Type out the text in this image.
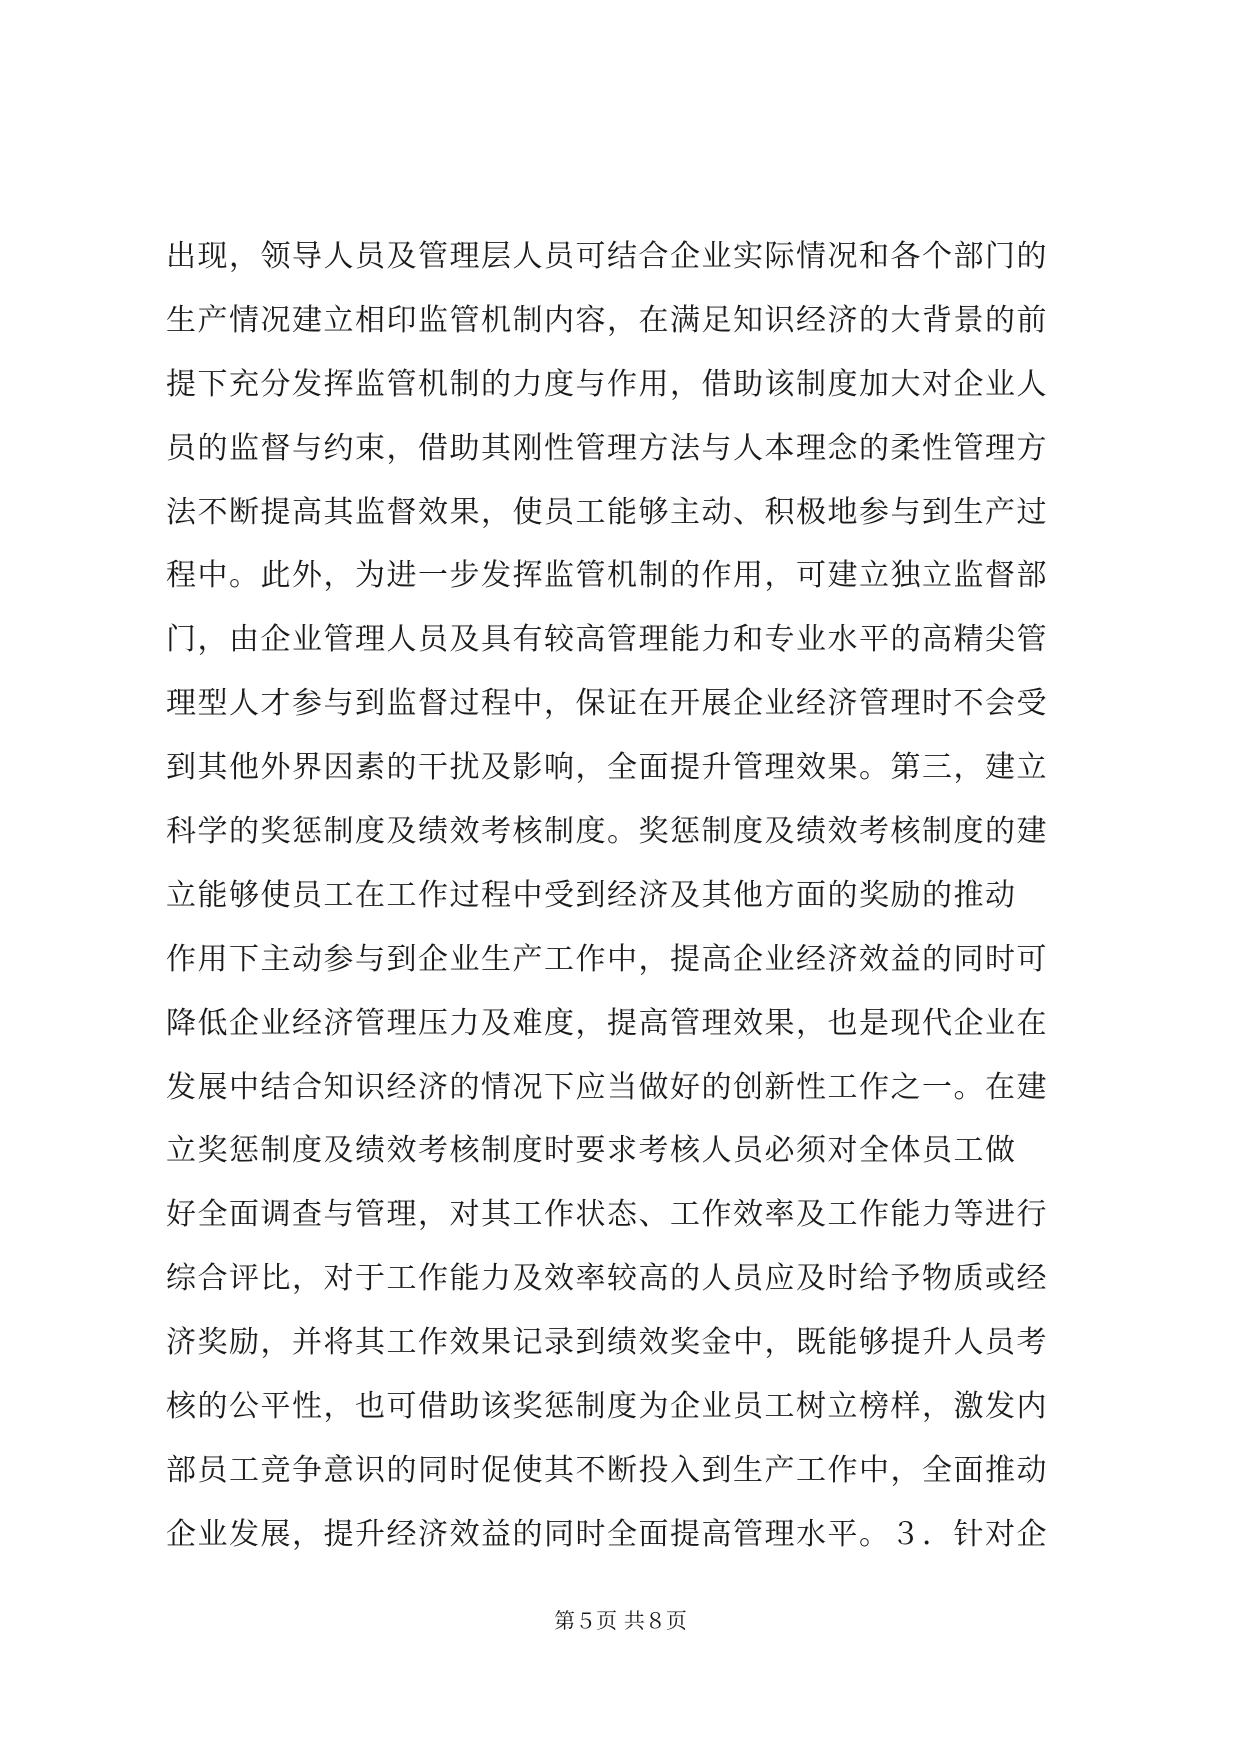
出现，领导人员及管理层人员可结合企业实际情况和各个部门的
生产情况建立相印监管机制内容，在满足知识经济的大背景的前
提下充分发挥监管机制的力度与作用，借助该制度加大对企业人
员的监督与约束，借助其刚性管理方法与人本理念的柔性管理方
法不断提高其监督效果，使员工能够主动、积极地参与到生产过
程中。此外，为进一步发挥监管机制的作用，可建立独立监督部
门，由企业管理人员及具有较高管理能力和专业水平的高精尖管
理型人才参与到监督过程中，保证在开展企业经济管理时不会受
到其他外界因素的干扰及影响，全面提升管理效果。第三，建立
科学的奖惩制度及绩效考核制度。奖惩制度及绩效考核制度的建
立能够使员工在工作过程中受到经济及其他方面的奖励的推动
作用下主动参与到企业生产工作中，提高企业经济效益的同时可
降低企业经济管理压力及难度，提高管理效果，也是现代企业在
发展中结合知识经济的情况下应当做好的创新性工作之一。在建
立奖惩制度及绩效考核制度时要求考核人员必须对全体员工做
好全面调查与管理，对其工作状态、工作效率及工作能力等进行
综合评比，对于工作能力及效率较高的人员应及时给予物质或经
济奖励，并将其工作效果记录到绩效奖金中，既能够提升人员考
核的公平性，也可借助该奖惩制度为企业员工树立榜样，激发内
部员工竞争意识的同时促使其不断投入到生产工作中，全面推动
企业发展，提升经济效益的同时全面提高管理水平。３．针对企
第５页 共８页
